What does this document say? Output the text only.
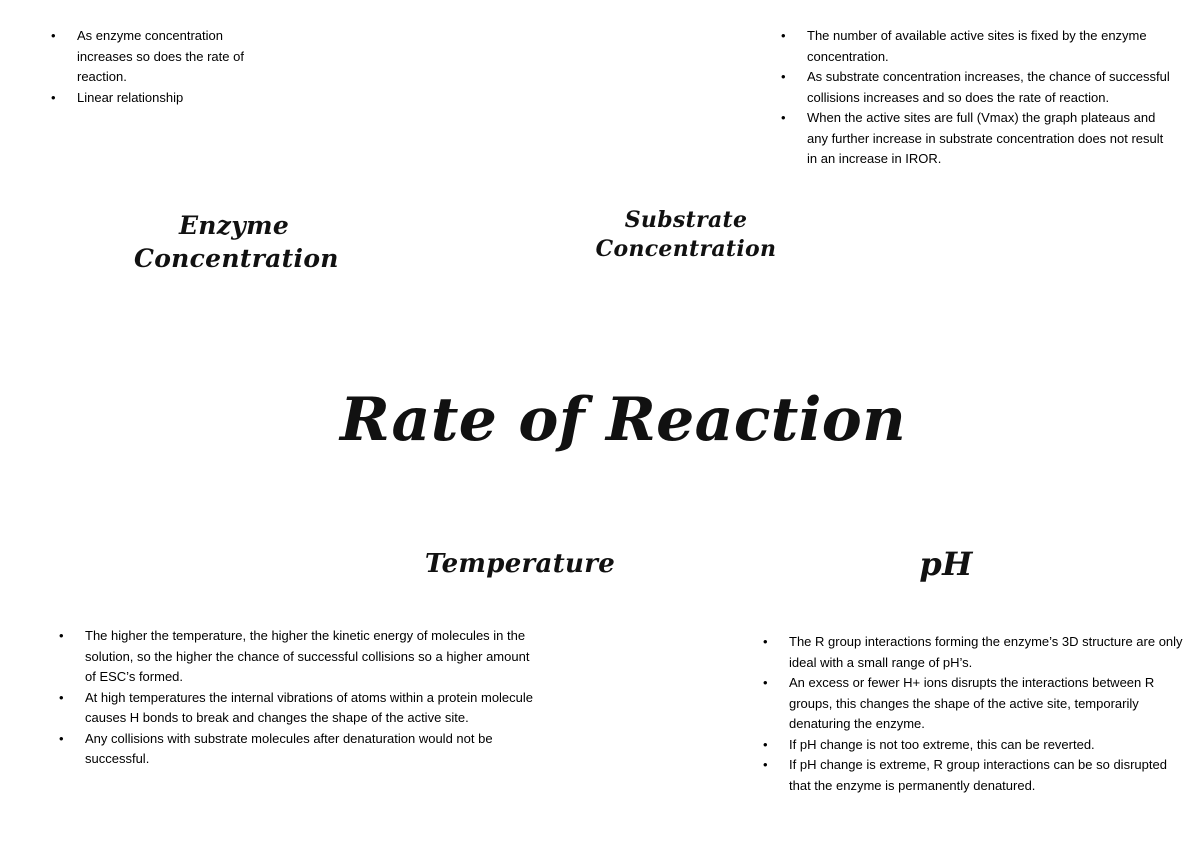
• As enzyme concentration increases so does the rate of reaction.
• Linear relationship
• The number of available active sites is fixed by the enzyme concentration.
• As substrate concentration increases, the chance of successful collisions increases and so does the rate of reaction.
• When the active sites are full (Vmax) the graph plateaus and any further increase in substrate concentration does not result in an increase in IROR.
Enzyme
Concentration
Substrate
Concentration
Rate of Reaction
Temperature	pH
• The higher the temperature, the higher the kinetic energy of molecules in the solution, so the higher the chance of successful collisions so a higher amount of ESC’s formed.
• At high temperatures the internal vibrations of atoms within a protein molecule causes H bonds to break and changes the shape of the active site.
• Any collisions with substrate molecules after denaturation would not be successful.
• The R group interactions forming the enzyme’s 3D structure are only ideal with a small range of pH’s.
• An excess or fewer H+ ions disrupts the interactions between R groups, this changes the shape of the active site, temporarily denaturing the enzyme.
• If pH change is not too extreme, this can be reverted.
• If pH change is extreme, R group interactions can be so disrupted that the enzyme is permanently denatured.
